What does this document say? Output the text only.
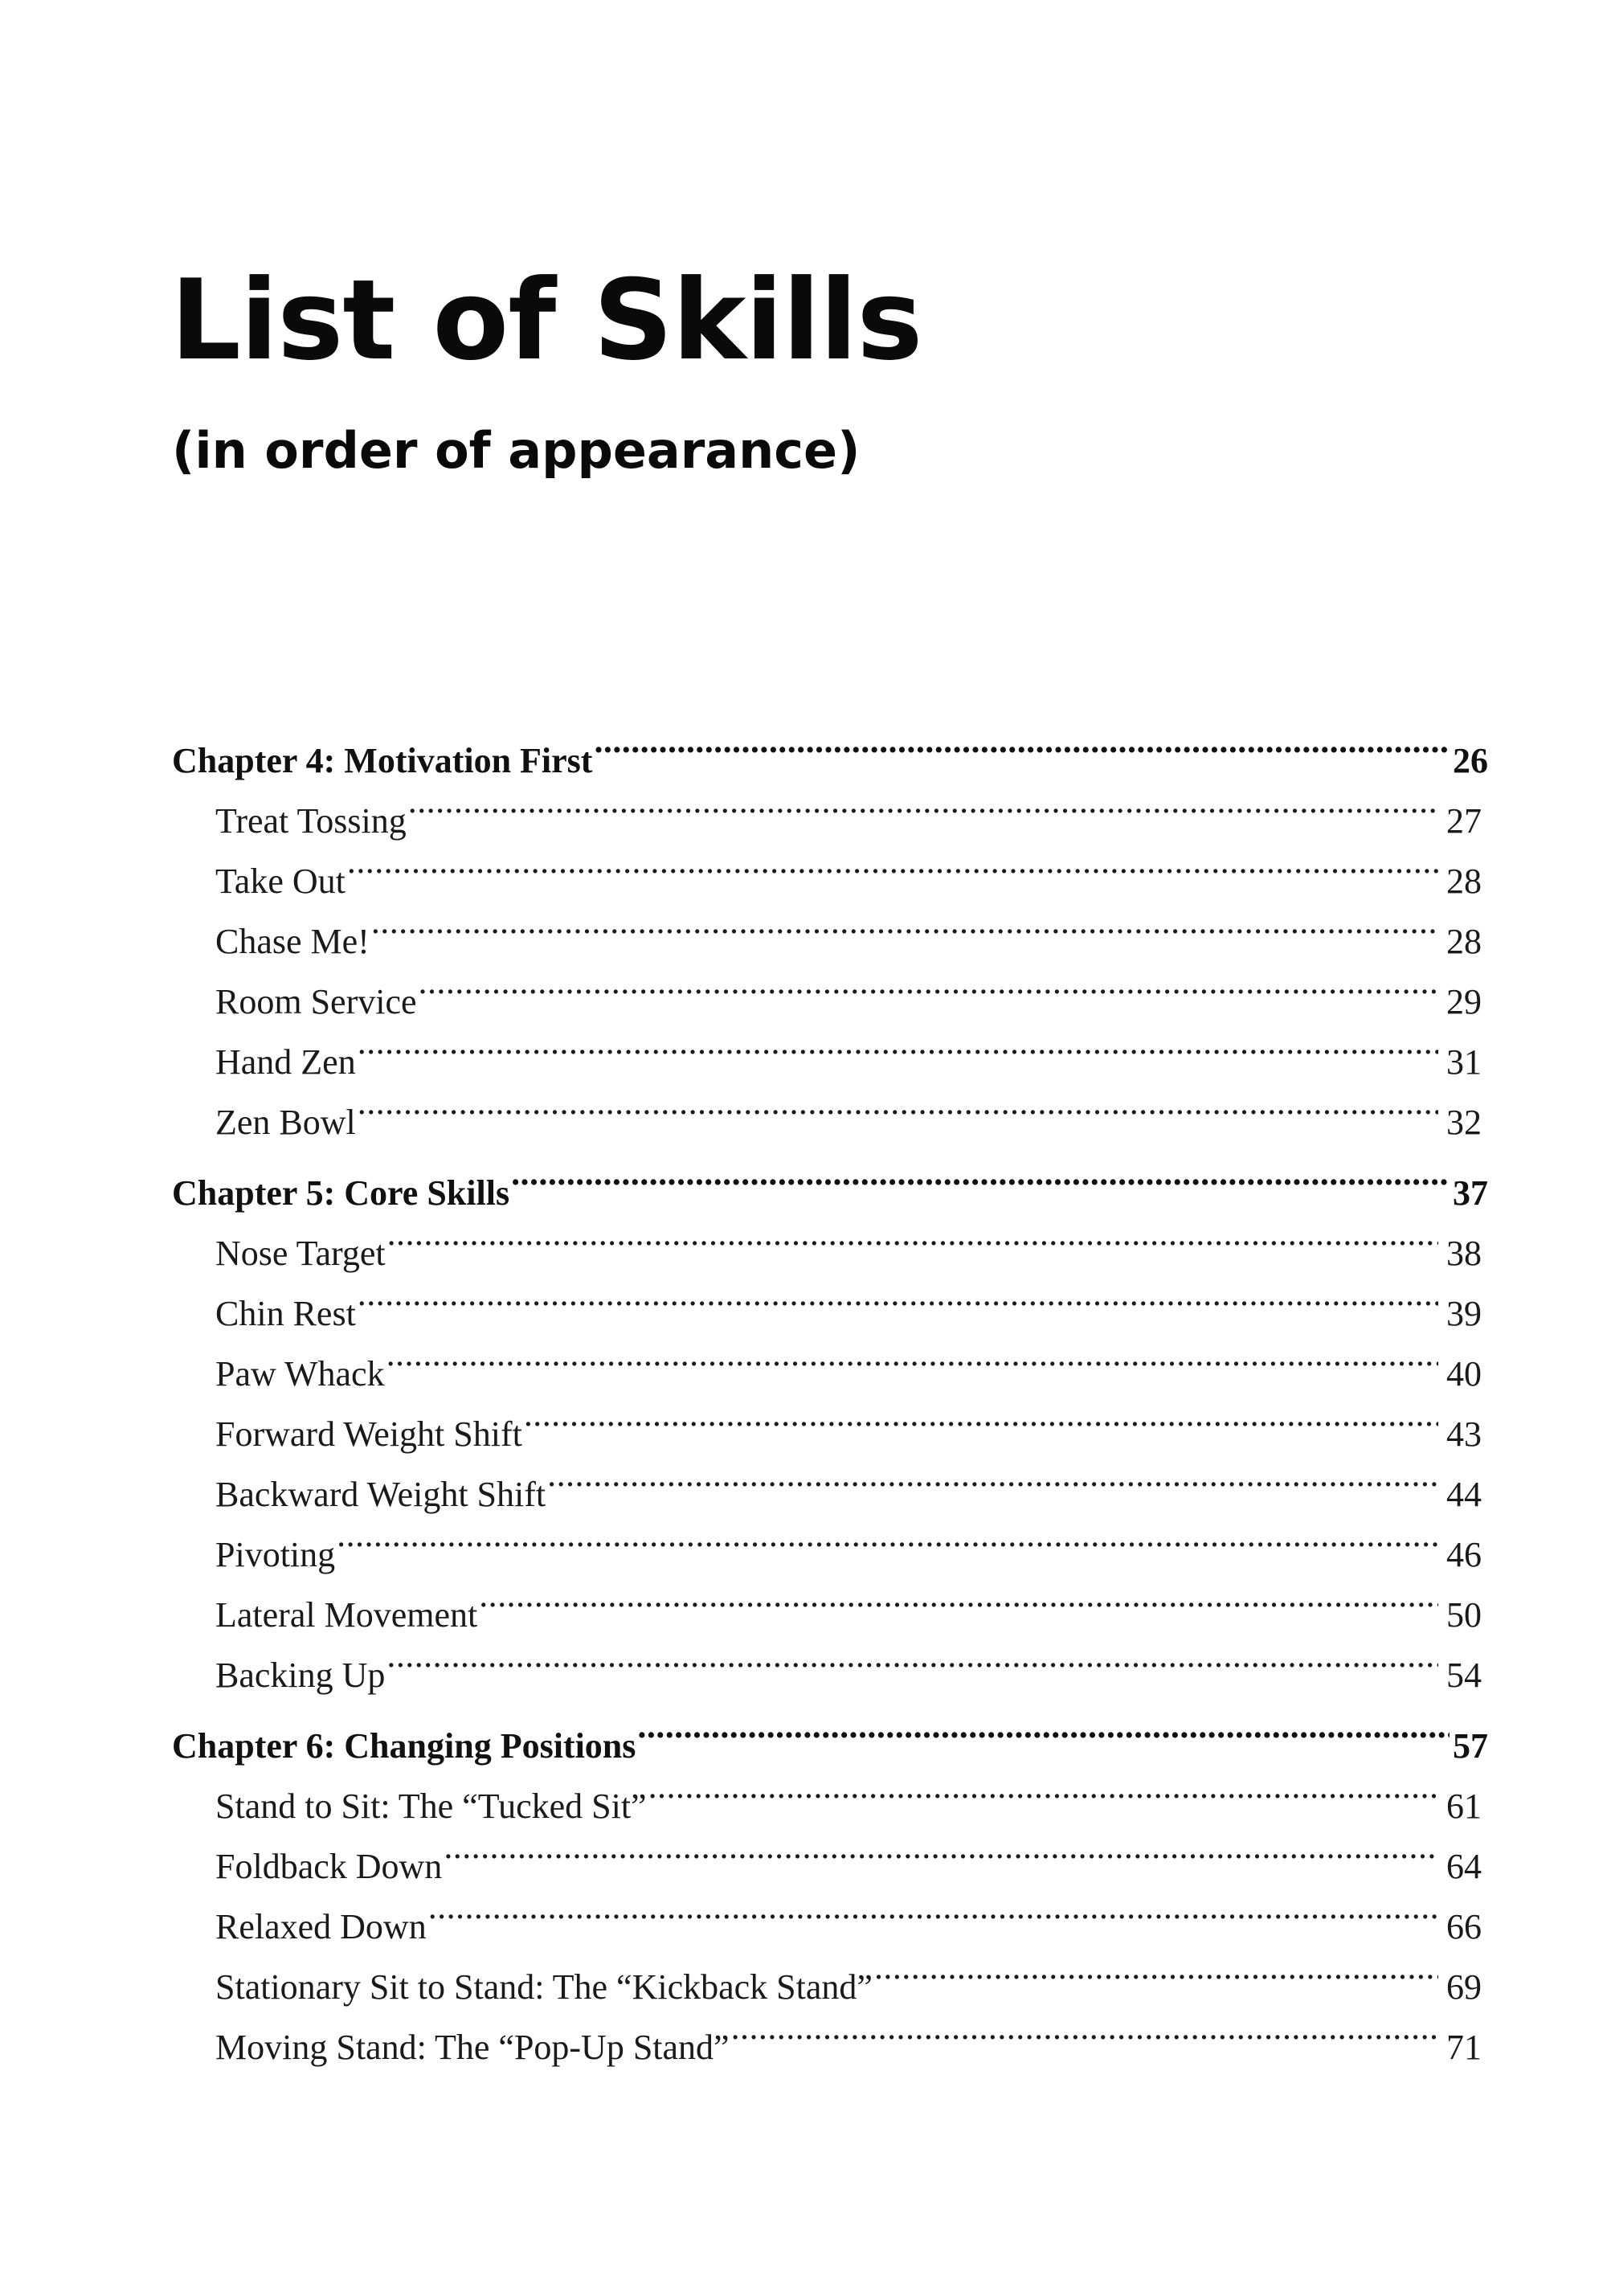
List of Skills
(in order of appearance)
Chapter 4: Motivation First . . .	26
Treat Tossing . . .	27
Take Out . . .	28
Chase Me! . . .	28
Room Service . . .	29
Hand Zen . . .	31
Zen Bowl . . .	32
Chapter 5: Core Skills . . .	37
Nose Target . . .	38
Chin Rest . . .	39
Paw Whack . . .	40
Forward Weight Shift . . .	43
Backward Weight Shift . . .	44
Pivoting . . .	46
Lateral Movement . . .	50
Backing Up . . .	54
Chapter 6: Changing Positions . . .	57
Stand to Sit: The “Tucked Sit” . . .	61
Foldback Down . . .	64
Relaxed Down . . .	66
Stationary Sit to Stand: The “Kickback Stand” . . .	69
Moving Stand: The “Pop-Up Stand” . . .	71
